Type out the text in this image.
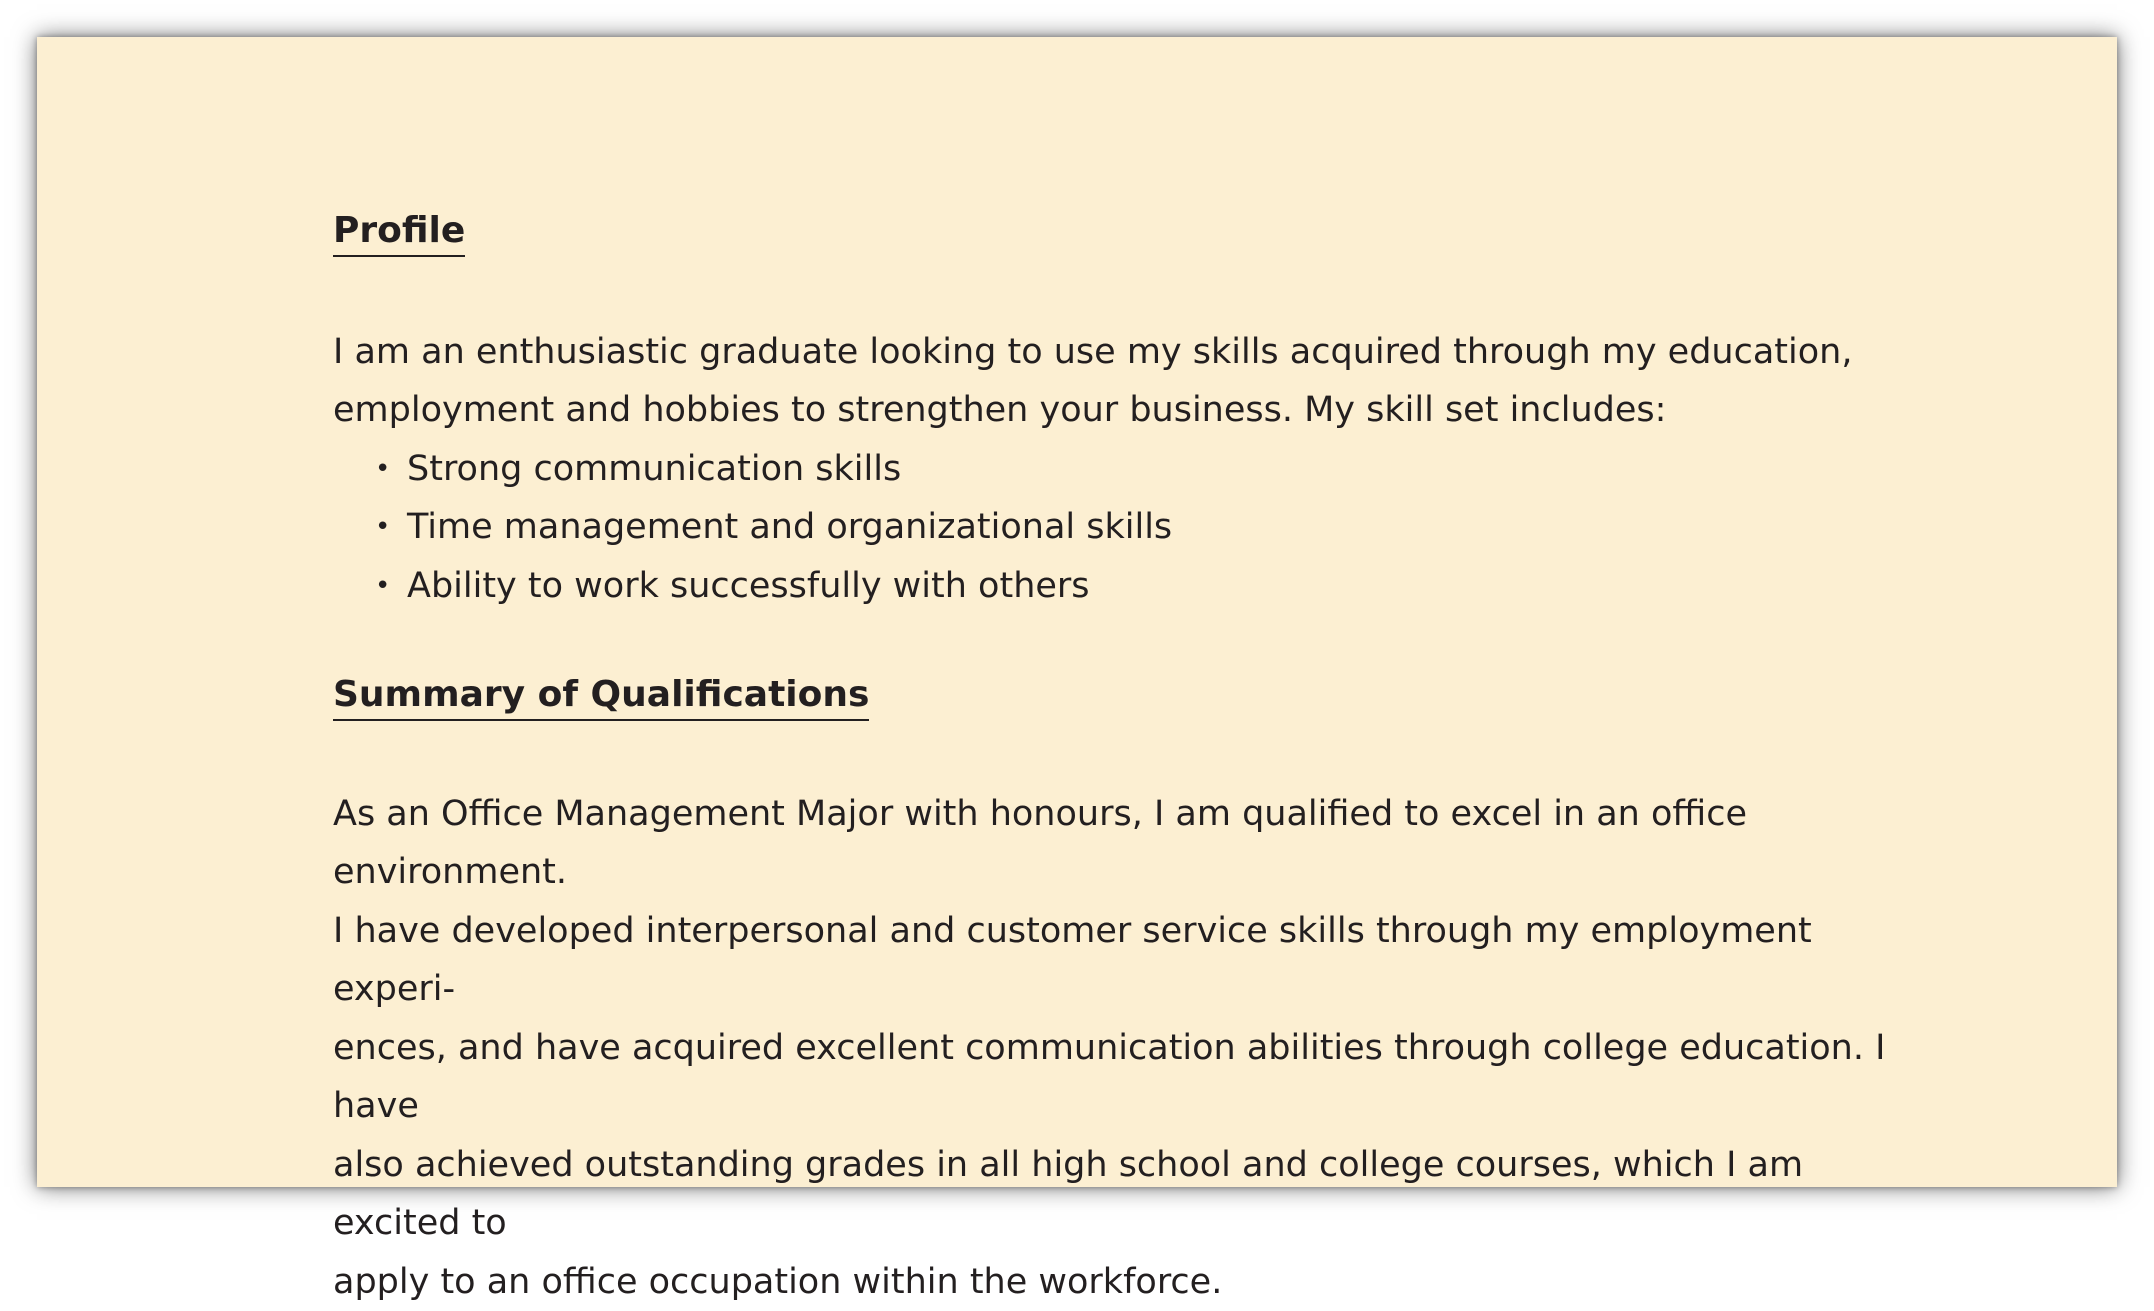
Profile
I am an enthusiastic graduate looking to use my skills acquired through my education,
employment and hobbies to strengthen your business. My skill set includes:
• Strong communication skills
• Time management and organizational skills
• Ability to work successfully with others
Summary of Qualifications
As an Office Management Major with honours, I am qualified to excel in an office environment.
I have developed interpersonal and customer service skills through my employment experi-
ences, and have acquired excellent communication abilities through college education. I have
also achieved outstanding grades in all high school and college courses, which I am excited to
apply to an office occupation within the workforce.
